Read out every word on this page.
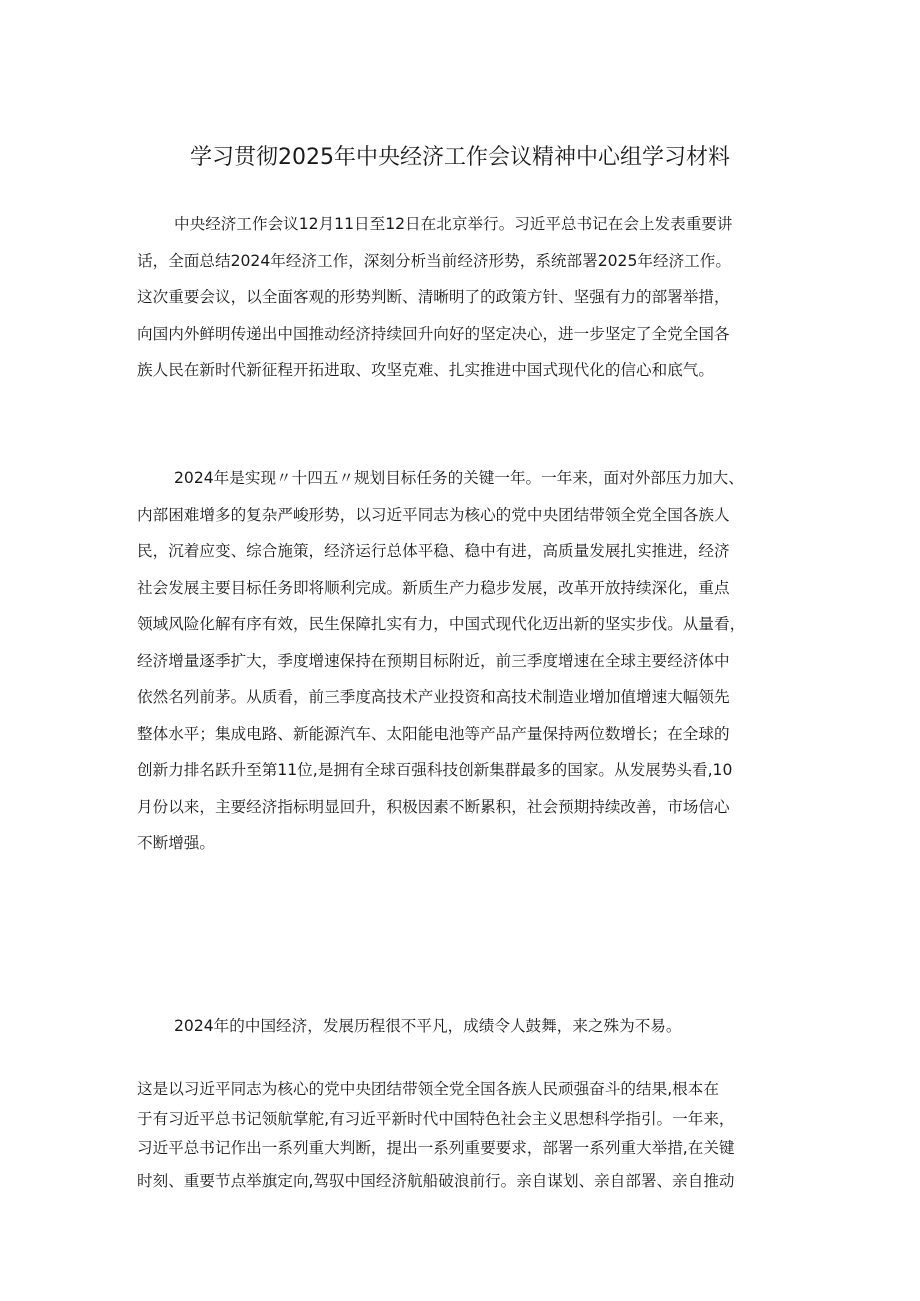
学习贯彻2025年中央经济工作会议精神中心组学习材料

中央经济工作会议12月11日至12日在北京举行。习近平总书记在会上发表重要讲
话，全面总结2024年经济工作，深刻分析当前经济形势，系统部署2025年经济工作。
这次重要会议，以全面客观的形势判断、清晰明了的政策方针、坚强有力的部署举措，
向国内外鲜明传递出中国推动经济持续回升向好的坚定决心，进一步坚定了全党全国各
族人民在新时代新征程开拓进取、攻坚克难、扎实推进中国式现代化的信心和底气。

2024年是实现〃十四五〃规划目标任务的关键一年。一年来，面对外部压力加大、
内部困难增多的复杂严峻形势，以习近平同志为核心的党中央团结带领全党全国各族人
民，沉着应变、综合施策，经济运行总体平稳、稳中有进，高质量发展扎实推进，经济
社会发展主要目标任务即将顺利完成。新质生产力稳步发展，改革开放持续深化，重点
领域风险化解有序有效，民生保障扎实有力，中国式现代化迈出新的坚实步伐。从量看，
经济增量逐季扩大，季度增速保持在预期目标附近，前三季度增速在全球主要经济体中
依然名列前茅。从质看，前三季度高技术产业投资和高技术制造业增加值增速大幅领先
整体水平；集成电路、新能源汽车、太阳能电池等产品产量保持两位数增长；在全球的
创新力排名跃升至第11位,是拥有全球百强科技创新集群最多的国家。从发展势头看,10
月份以来，主要经济指标明显回升，积极因素不断累积，社会预期持续改善，市场信心
不断增强。

2024年的中国经济，发展历程很不平凡，成绩令人鼓舞，来之殊为不易。

这是以习近平同志为核心的党中央团结带领全党全国各族人民顽强奋斗的结果,根本在
于有习近平总书记领航掌舵,有习近平新时代中国特色社会主义思想科学指引。一年来，
习近平总书记作出一系列重大判断，提出一系列重要要求，部署一系列重大举措,在关键
时刻、重要节点举旗定向,驾驭中国经济航船破浪前行。亲自谋划、亲自部署、亲自推动
